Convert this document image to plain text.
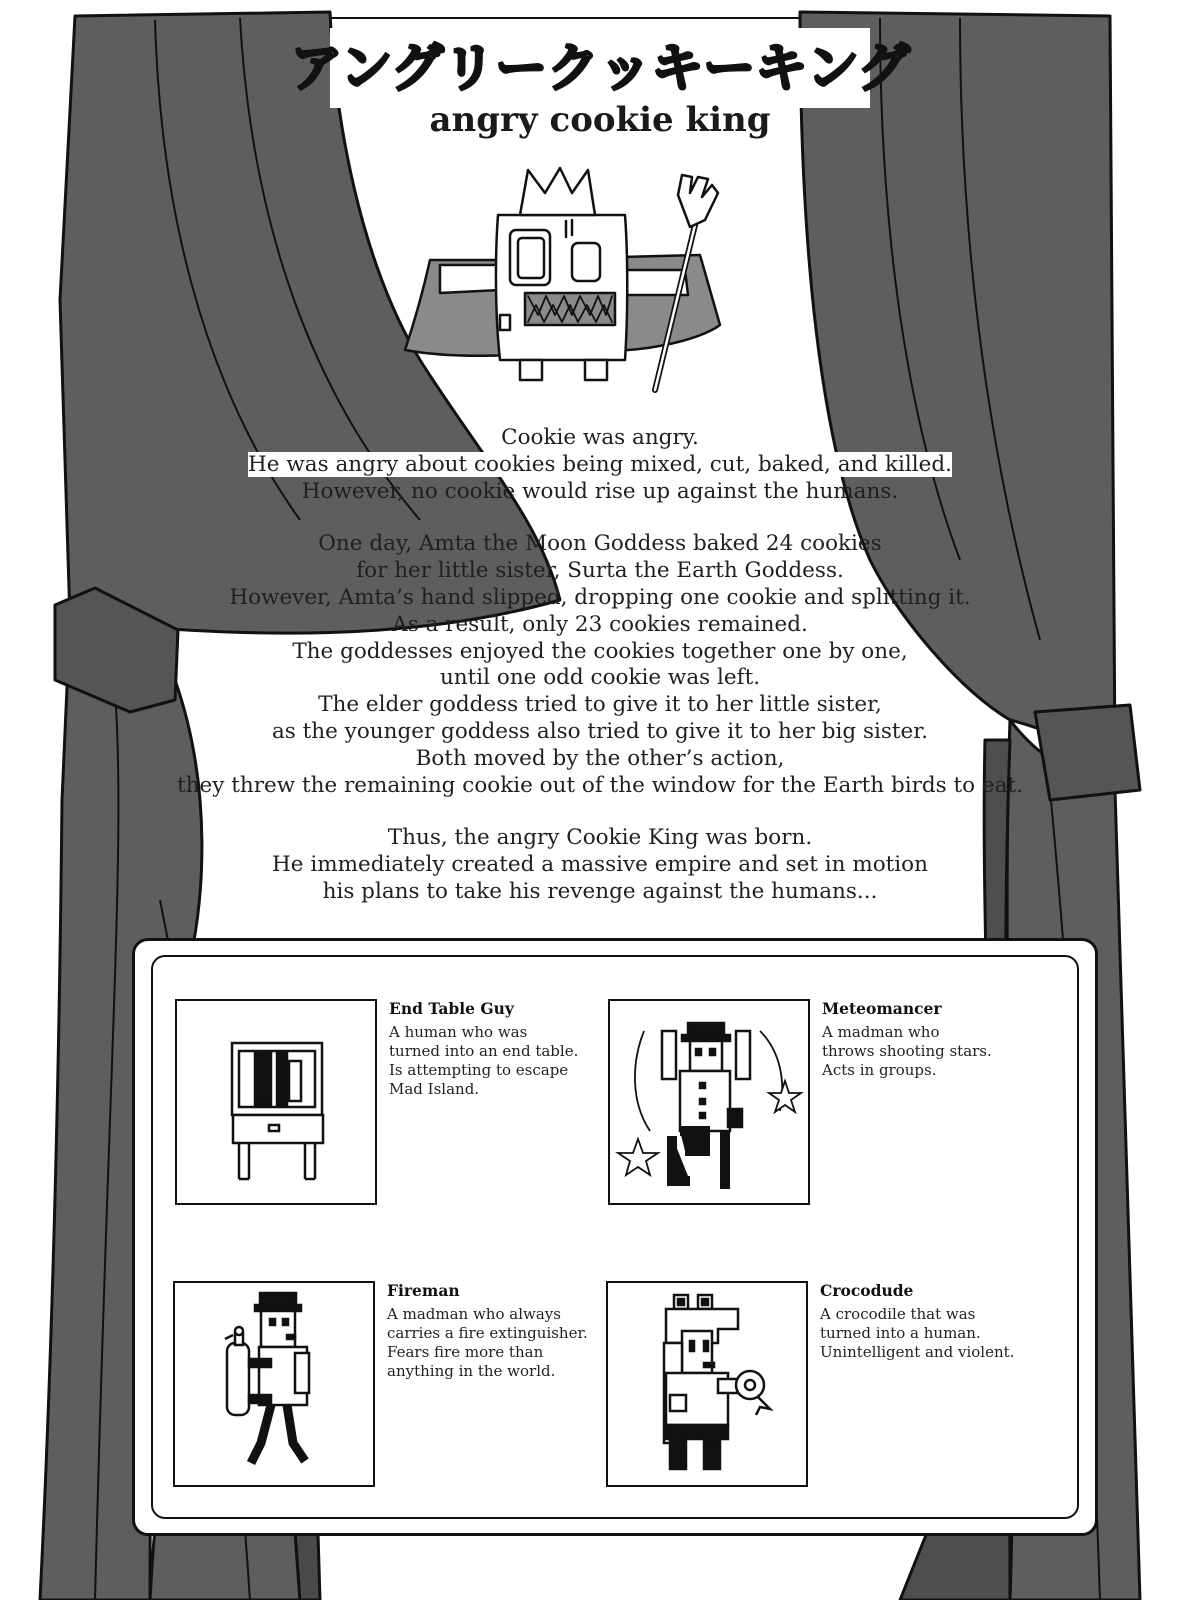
アングリークッキーキング
angry cookie king

Cookie was angry.

He was angry about cookies being mixed, cut, baked, and killed.

However, no cookie would rise up against the humans.

One day, Amta the Moon Goddess baked 24 cookies

for her little sister, Surta the Earth Goddess.

However, Amta’s hand slipped, dropping one cookie and splitting it.

As a result, only 23 cookies remained.

The goddesses enjoyed the cookies together one by one,

until one odd cookie was left.

The elder goddess tried to give it to her little sister,

as the younger goddess also tried to give it to her big sister.

Both moved by the other’s action,

they threw the remaining cookie out of the window for the Earth birds to eat.

Thus, the angry Cookie King was born.

He immediately created a massive empire and set in motion

his plans to take his revenge against the humans...

End Table Guy
A human who was
turned into an end table.
Is attempting to escape
Mad Island.
Meteomancer
A madman who
throws shooting stars.
Acts in groups.
Fireman
A madman who always
carries a fire extinguisher.
Fears fire more than
anything in the world.
Crocodude
A crocodile that was
turned into a human.
Unintelligent and violent.
